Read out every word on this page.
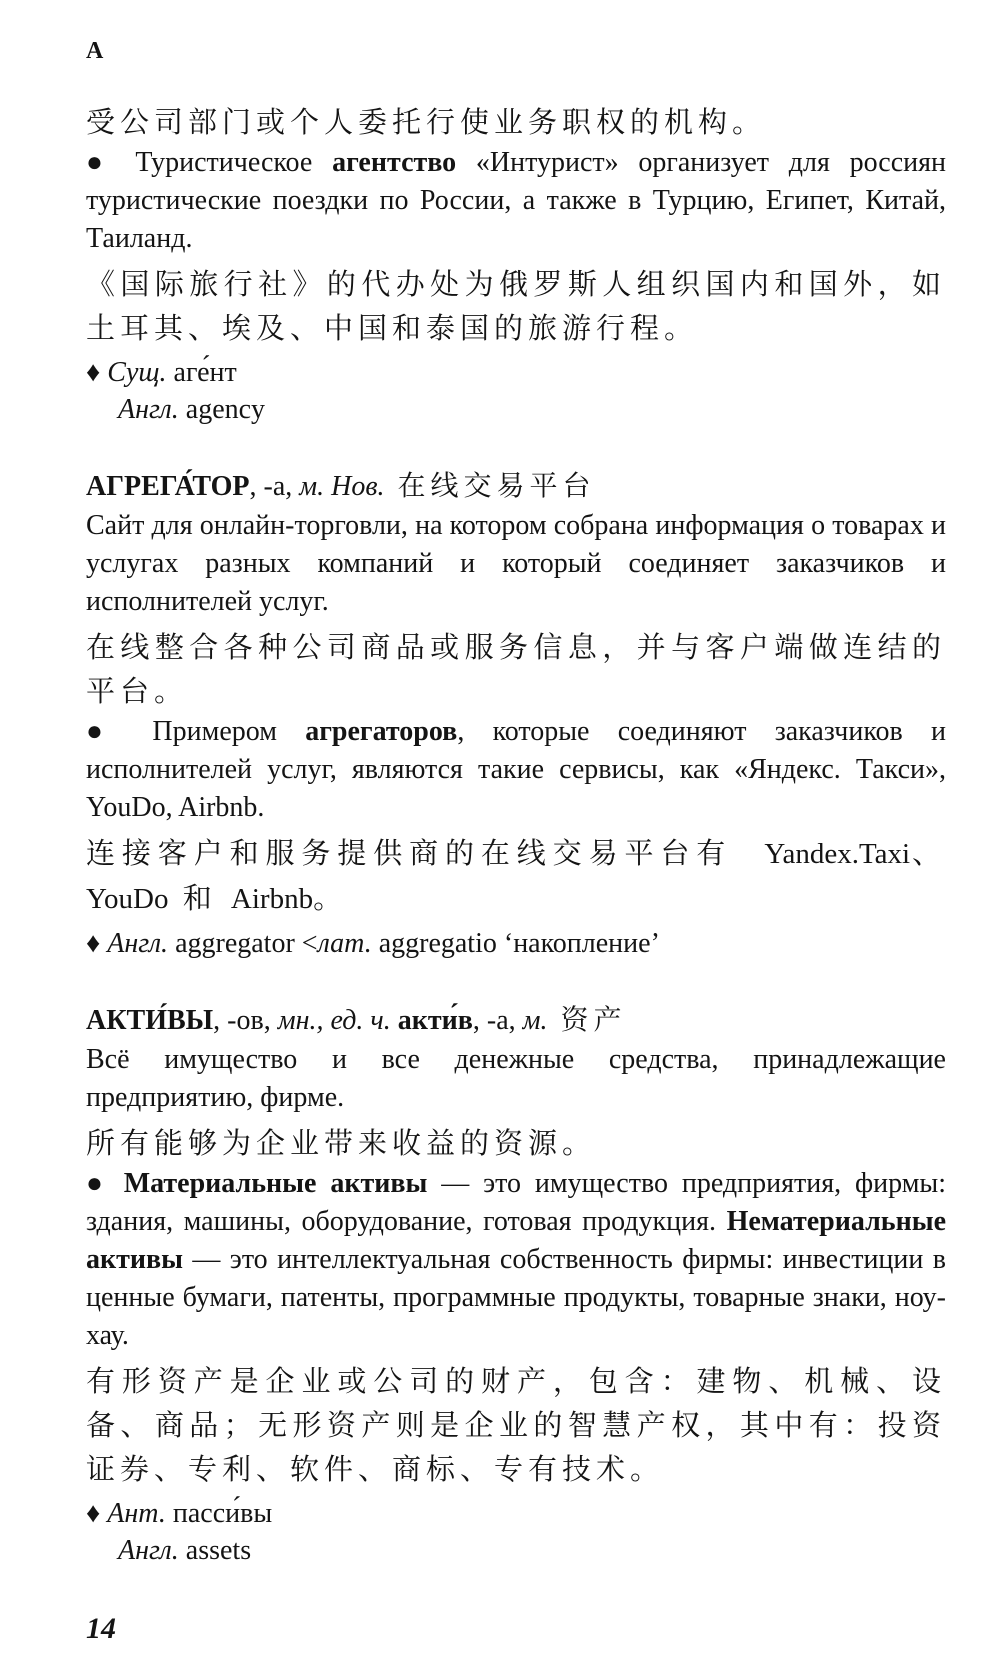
А

受公司部门或个人委托行使业务职权的机构。

● Туристическое агентство «Интурист» организует для россиян туристические поездки по России, а также в Турцию, Египет, Китай, Таиланд.

《国际旅行社》的代办处为俄罗斯人组织国内和国外，如土耳其、埃及、中国和泰国的旅游行程。

♦ Сущ. аге́нт

Англ. agency

АГРЕГА́ТОР, -а, м. Нов. 在线交易平台

Сайт для онлайн-торговли, на котором собрана информация о товарах и услугах разных компаний и который соединяет заказчиков и исполнителей услуг.

在线整合各种公司商品或服务信息，并与客户端做连结的平台。

● Примером агрегаторов, которые соединяют заказчиков и исполнителей услуг, являются такие сервисы, как «Яндекс. Такси», YouDo, Airbnb.

连接客户和服务提供商的在线交易平台有 Yandex.Taxi、YouDo 和 Airbnb。

♦ Англ. aggregator <лат. aggregatio ‘накопление’

АКТИ́ВЫ, -ов, мн., ед. ч. акти́в, -а, м. 资产

Всё имущество и все денежные средства, принадлежащие предприятию, фирме.

所有能够为企业带来收益的资源。

● Материальные активы — это имущество предприятия, фирмы: здания, машины, оборудование, готовая продукция. Нематериальные активы — это интеллектуальная собственность фирмы: инвестиции в ценные бумаги, патенты, программные продукты, товарные знаки, ноу-хау.

有形资产是企业或公司的财产，包含：建物、机械、设备、商品；无形资产则是企业的智慧产权，其中有：投资证券、专利、软件、商标、专有技术。

♦ Ант. пасси́вы

Англ. assets

14
